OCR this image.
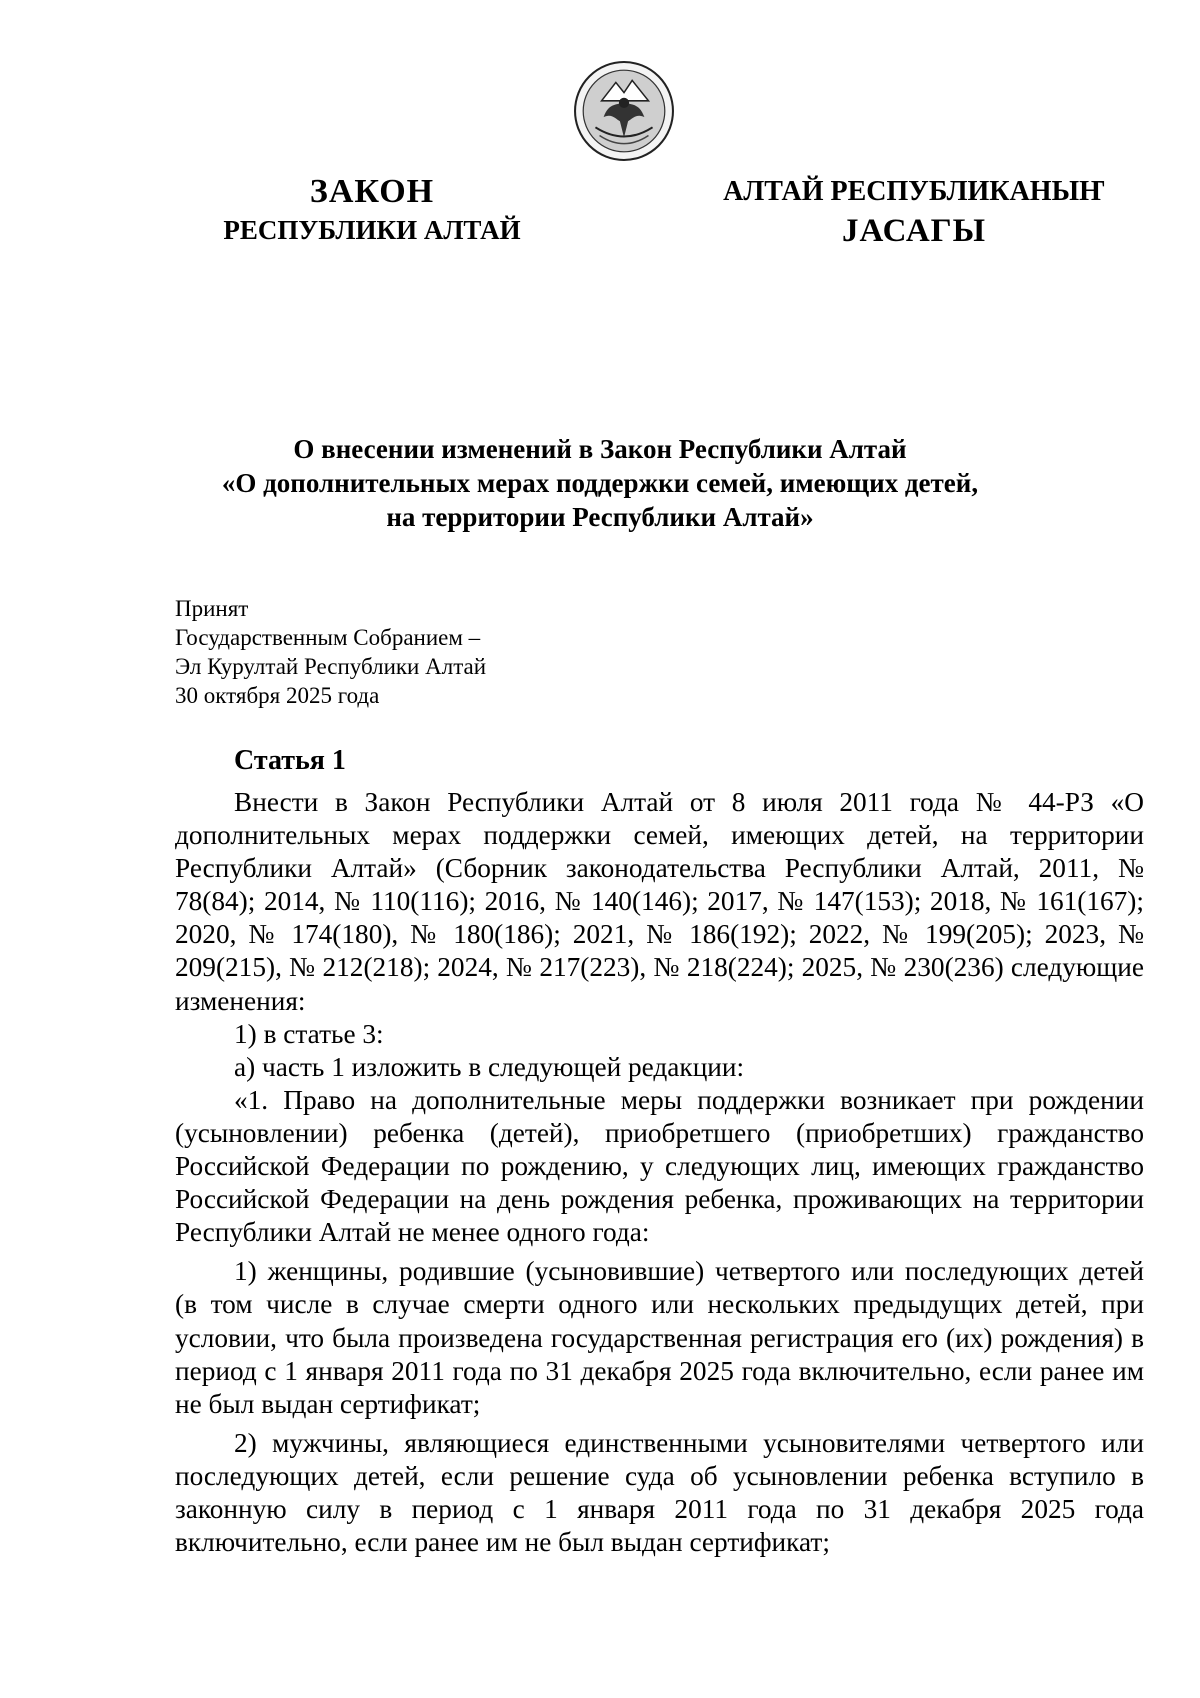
ЗАКОН
РЕСПУБЛИКИ АЛТАЙ
АЛТАЙ РЕСПУБЛИКАНЫҤ
JАСАГЫ
О внесении изменений в Закон Республики Алтай
«О дополнительных мерах поддержки семей, имеющих детей,
на территории Республики Алтай»
Принят
Государственным Собранием –
Эл Курултай Республики Алтай
30 октября 2025 года
Статья 1

Внести в Закон Республики Алтай от 8 июля 2011 года № 44-РЗ «О дополнительных мерах поддержки семей, имеющих детей, на территории Республики Алтай» (Сборник законодательства Республики Алтай, 2011, № 78(84); 2014, № 110(116); 2016, № 140(146); 2017, № 147(153); 2018, № 161(167); 2020, № 174(180), № 180(186); 2021, № 186(192); 2022, № 199(205); 2023, № 209(215), № 212(218); 2024, № 217(223), № 218(224); 2025, № 230(236) следующие изменения:

1) в статье 3:

а) часть 1 изложить в следующей редакции:

«1. Право на дополнительные меры поддержки возникает при рождении (усыновлении) ребенка (детей), приобретшего (приобретших) гражданство Российской Федерации по рождению, у следующих лиц, имеющих гражданство Российской Федерации на день рождения ребенка, проживающих на территории Республики Алтай не менее одного года:

1) женщины, родившие (усыновившие) четвертого или последующих детей (в том числе в случае смерти одного или нескольких предыдущих детей, при условии, что была произведена государственная регистрация его (их) рождения) в период с 1 января 2011 года по 31 декабря 2025 года включительно, если ранее им не был выдан сертификат;

2) мужчины, являющиеся единственными усыновителями четвертого или последующих детей, если решение суда об усыновлении ребенка вступило в законную силу в период с 1 января 2011 года по 31 декабря 2025 года включительно, если ранее им не был выдан сертификат;
